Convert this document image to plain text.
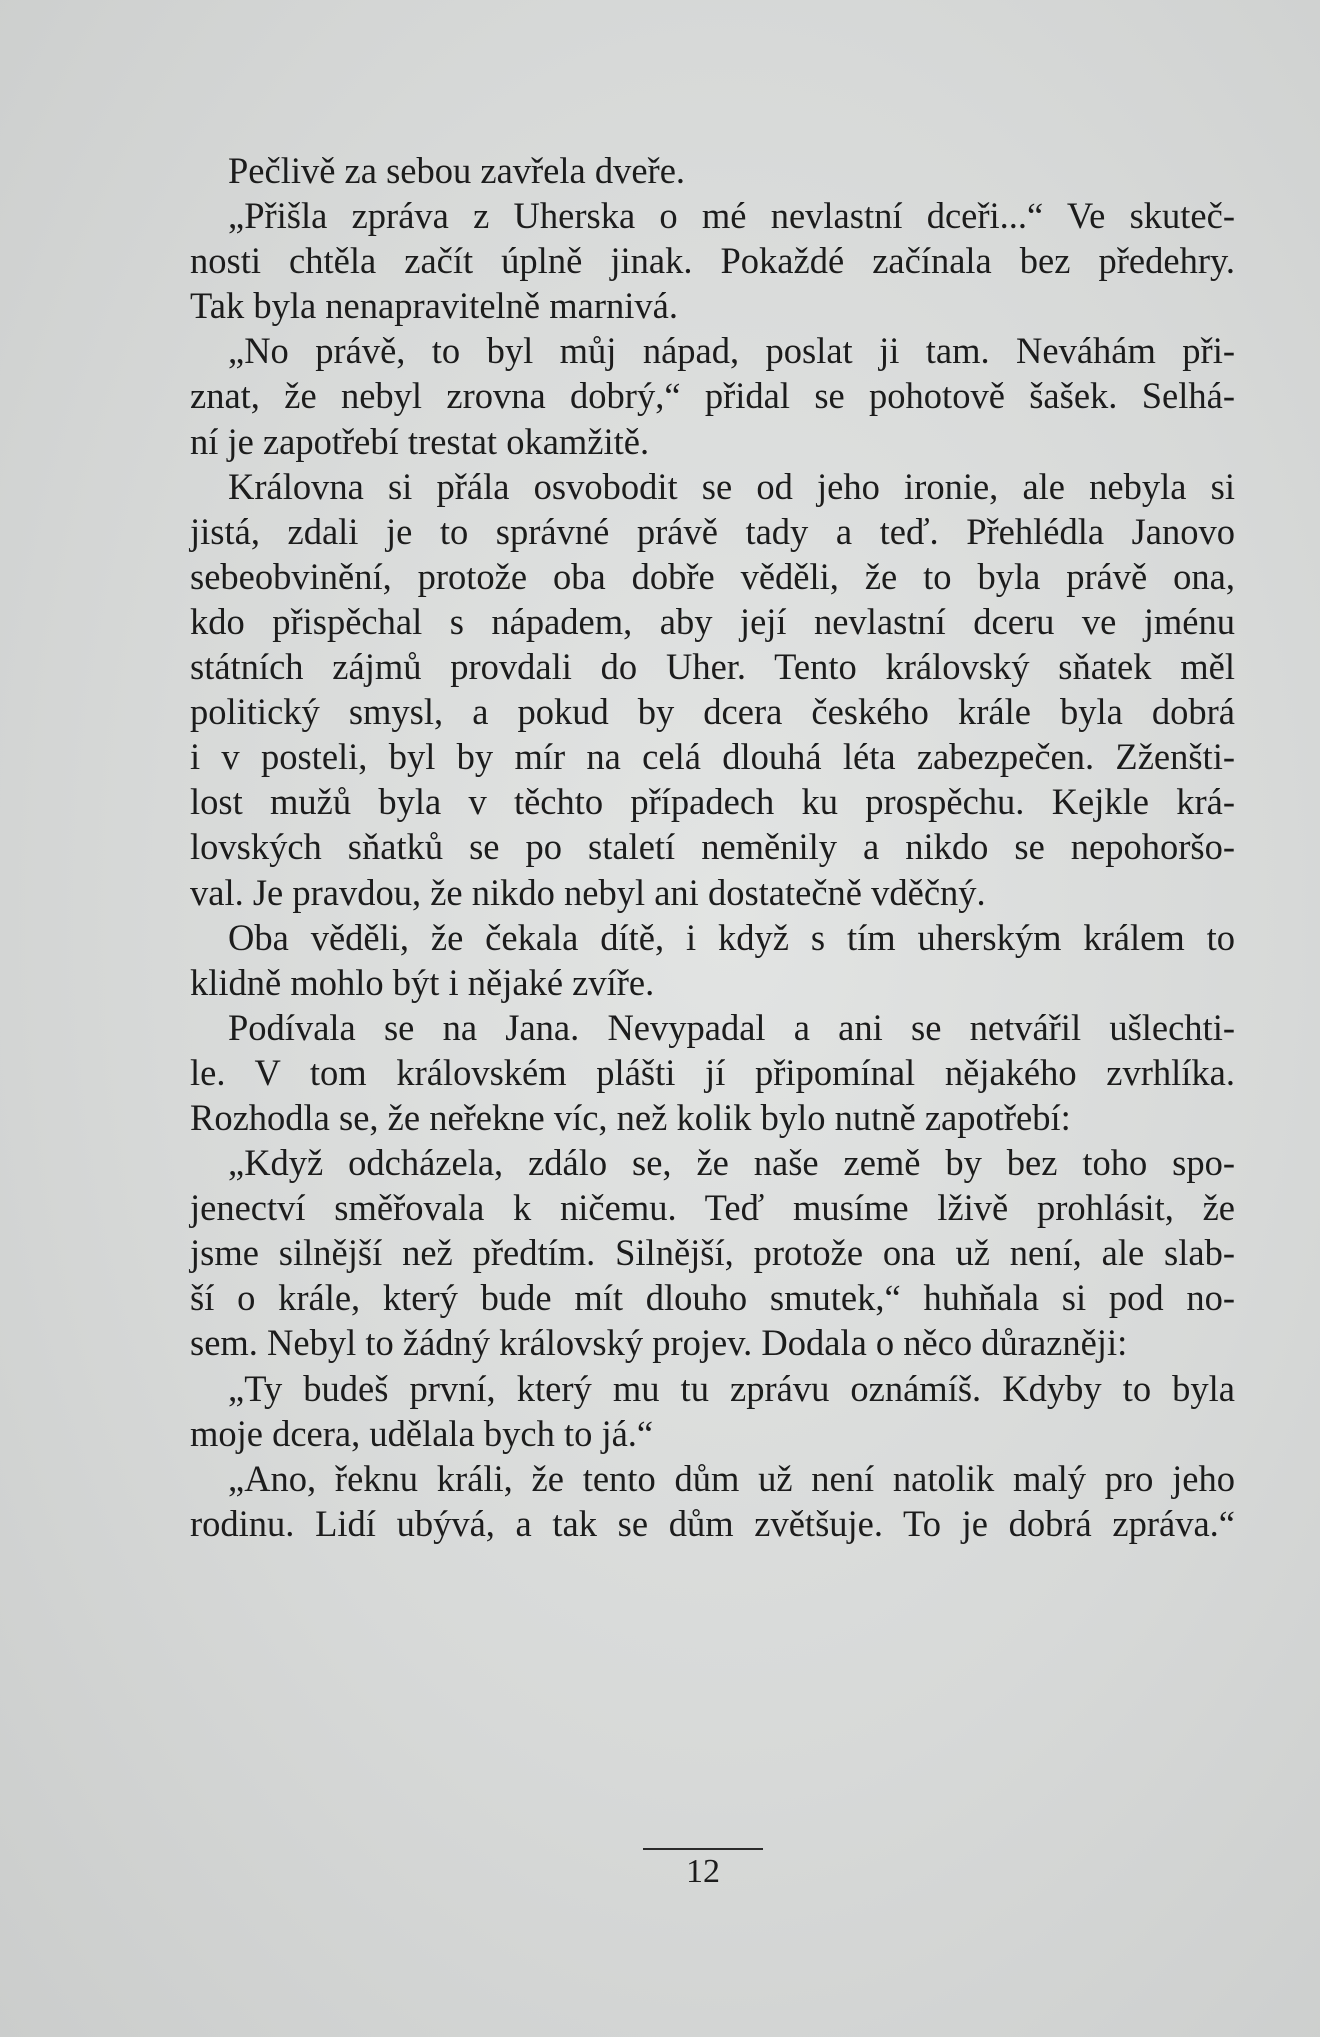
Pečlivě za sebou zavřela dveře.
„Přišla zpráva z Uherska o mé nevlastní dceři...“ Ve skuteč-
nosti chtěla začít úplně jinak. Pokaždé začínala bez předehry.
Tak byla nenapravitelně marnivá.
„No právě, to byl můj nápad, poslat ji tam. Neváhám při-
znat, že nebyl zrovna dobrý,“ přidal se pohotově šašek. Selhá-
ní je zapotřebí trestat okamžitě.
Královna si přála osvobodit se od jeho ironie, ale nebyla si
jistá, zdali je to správné právě tady a teď. Přehlédla Janovo
sebeobvinění, protože oba dobře věděli, že to byla právě ona,
kdo přispěchal s nápadem, aby její nevlastní dceru ve jménu
státních zájmů provdali do Uher. Tento královský sňatek měl
politický smysl, a pokud by dcera českého krále byla dobrá
i v posteli, byl by mír na celá dlouhá léta zabezpečen. Zženšti-
lost mužů byla v těchto případech ku prospěchu. Kejkle krá-
lovských sňatků se po staletí neměnily a nikdo se nepohoršo-
val. Je pravdou, že nikdo nebyl ani dostatečně vděčný.
Oba věděli, že čekala dítě, i když s tím uherským králem to
klidně mohlo být i nějaké zvíře.
Podívala se na Jana. Nevypadal a ani se netvářil ušlechti-
le. V tom královském plášti jí připomínal nějakého zvrhlíka.
Rozhodla se, že neřekne víc, než kolik bylo nutně zapotřebí:
„Když odcházela, zdálo se, že naše země by bez toho spo-
jenectví směřovala k ničemu. Teď musíme lživě prohlásit, že
jsme silnější než předtím. Silnější, protože ona už není, ale slab-
ší o krále, který bude mít dlouho smutek,“ huhňala si pod no-
sem. Nebyl to žádný královský projev. Dodala o něco důrazněji:
„Ty budeš první, který mu tu zprávu oznámíš. Kdyby to byla
moje dcera, udělala bych to já.“
„Ano, řeknu králi, že tento dům už není natolik malý pro jeho
rodinu. Lidí ubývá, a tak se dům zvětšuje. To je dobrá zpráva.“
12
